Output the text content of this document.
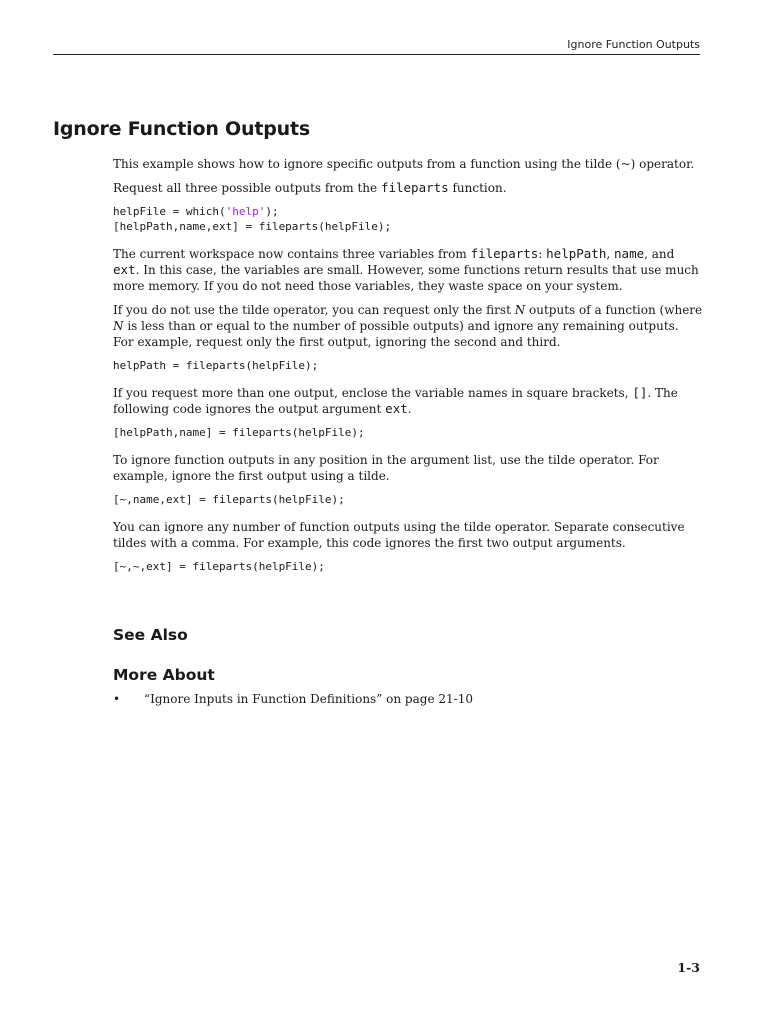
Ignore Function Outputs
Ignore Function Outputs

This example shows how to ignore specific outputs from a function using the tilde (~) operator.

Request all three possible outputs from the fileparts function.

helpFile = which('help');
[helpPath,name,ext] = fileparts(helpFile);

The current workspace now contains three variables from fileparts: helpPath, name, and ext. In this case, the variables are small. However, some functions return results that use much more memory. If you do not need those variables, they waste space on your system.

If you do not use the tilde operator, you can request only the first N outputs of a function (where N is less than or equal to the number of possible outputs) and ignore any remaining outputs. For example, request only the first output, ignoring the second and third.

helpPath = fileparts(helpFile);

If you request more than one output, enclose the variable names in square brackets, []. The following code ignores the output argument ext.

[helpPath,name] = fileparts(helpFile);

To ignore function outputs in any position in the argument list, use the tilde operator. For example, ignore the first output using a tilde.

[~,name,ext] = fileparts(helpFile);

You can ignore any number of function outputs using the tilde operator. Separate consecutive tildes with a comma. For example, this code ignores the first two output arguments.

[~,~,ext] = fileparts(helpFile);
See Also
More About
• “Ignore Inputs in Function Definitions” on page 21-10
1-3
